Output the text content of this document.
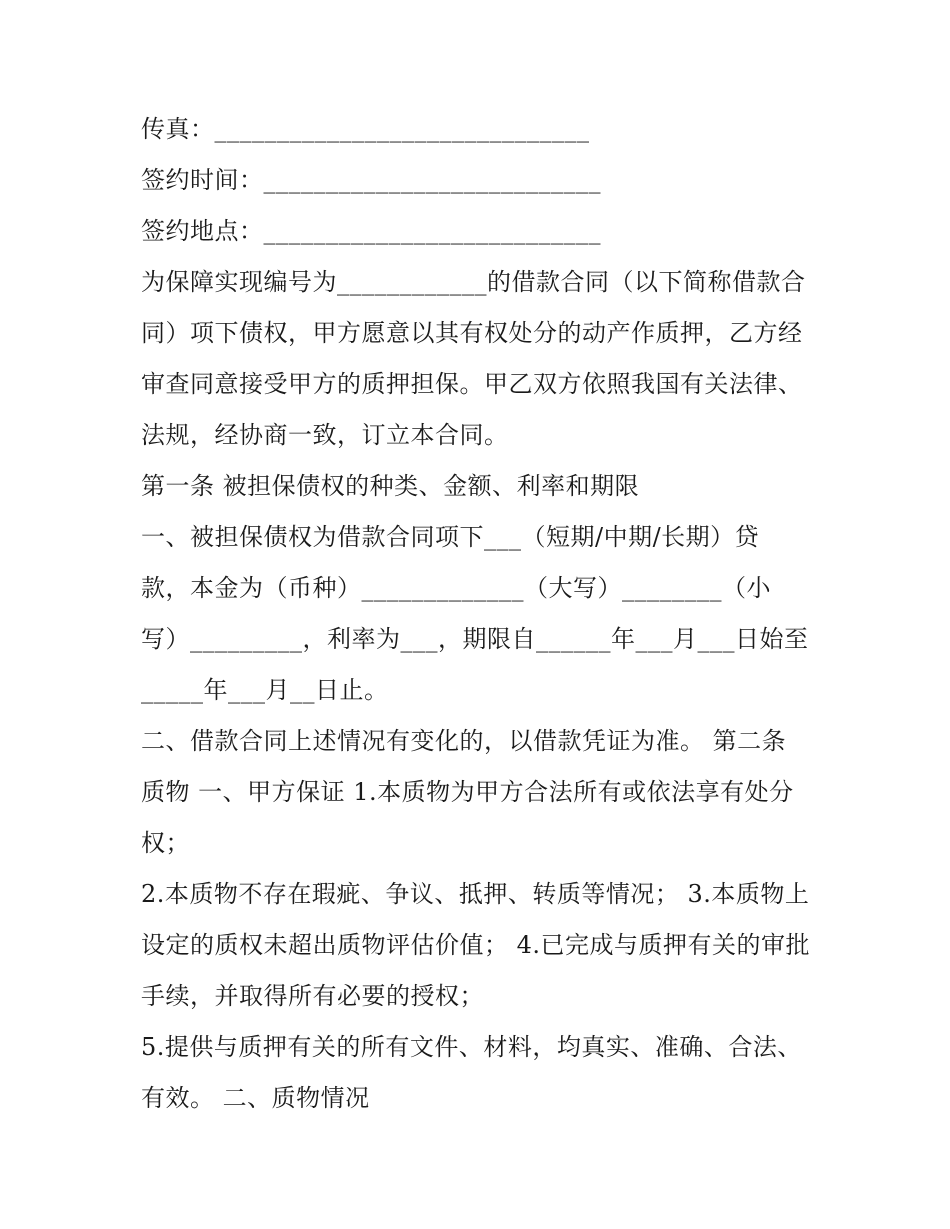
传真：______________________________
签约时间：___________________________
签约地点：___________________________
为保障实现编号为____________的借款合同（以下简称借款合
同）项下债权，甲方愿意以其有权处分的动产作质押，乙方经
审查同意接受甲方的质押担保。甲乙双方依照我国有关法律、
法规，经协商一致，订立本合同。
第一条 被担保债权的种类、金额、利率和期限
一、被担保债权为借款合同项下___（短期/中期/长期）贷
款，本金为（币种）_____________（大写）________（小
写）_________，利率为___，期限自______年___月___日始至
_____年___月__日止。
二、借款合同上述情况有变化的，以借款凭证为准。 第二条
质物 一、甲方保证 1.本质物为甲方合法所有或依法享有处分
权；
2.本质物不存在瑕疵、争议、抵押、转质等情况； 3.本质物上
设定的质权未超出质物评估价值； 4.已完成与质押有关的审批
手续，并取得所有必要的授权；
5.提供与质押有关的所有文件、材料，均真实、准确、合法、
有效。 二、质物情况
